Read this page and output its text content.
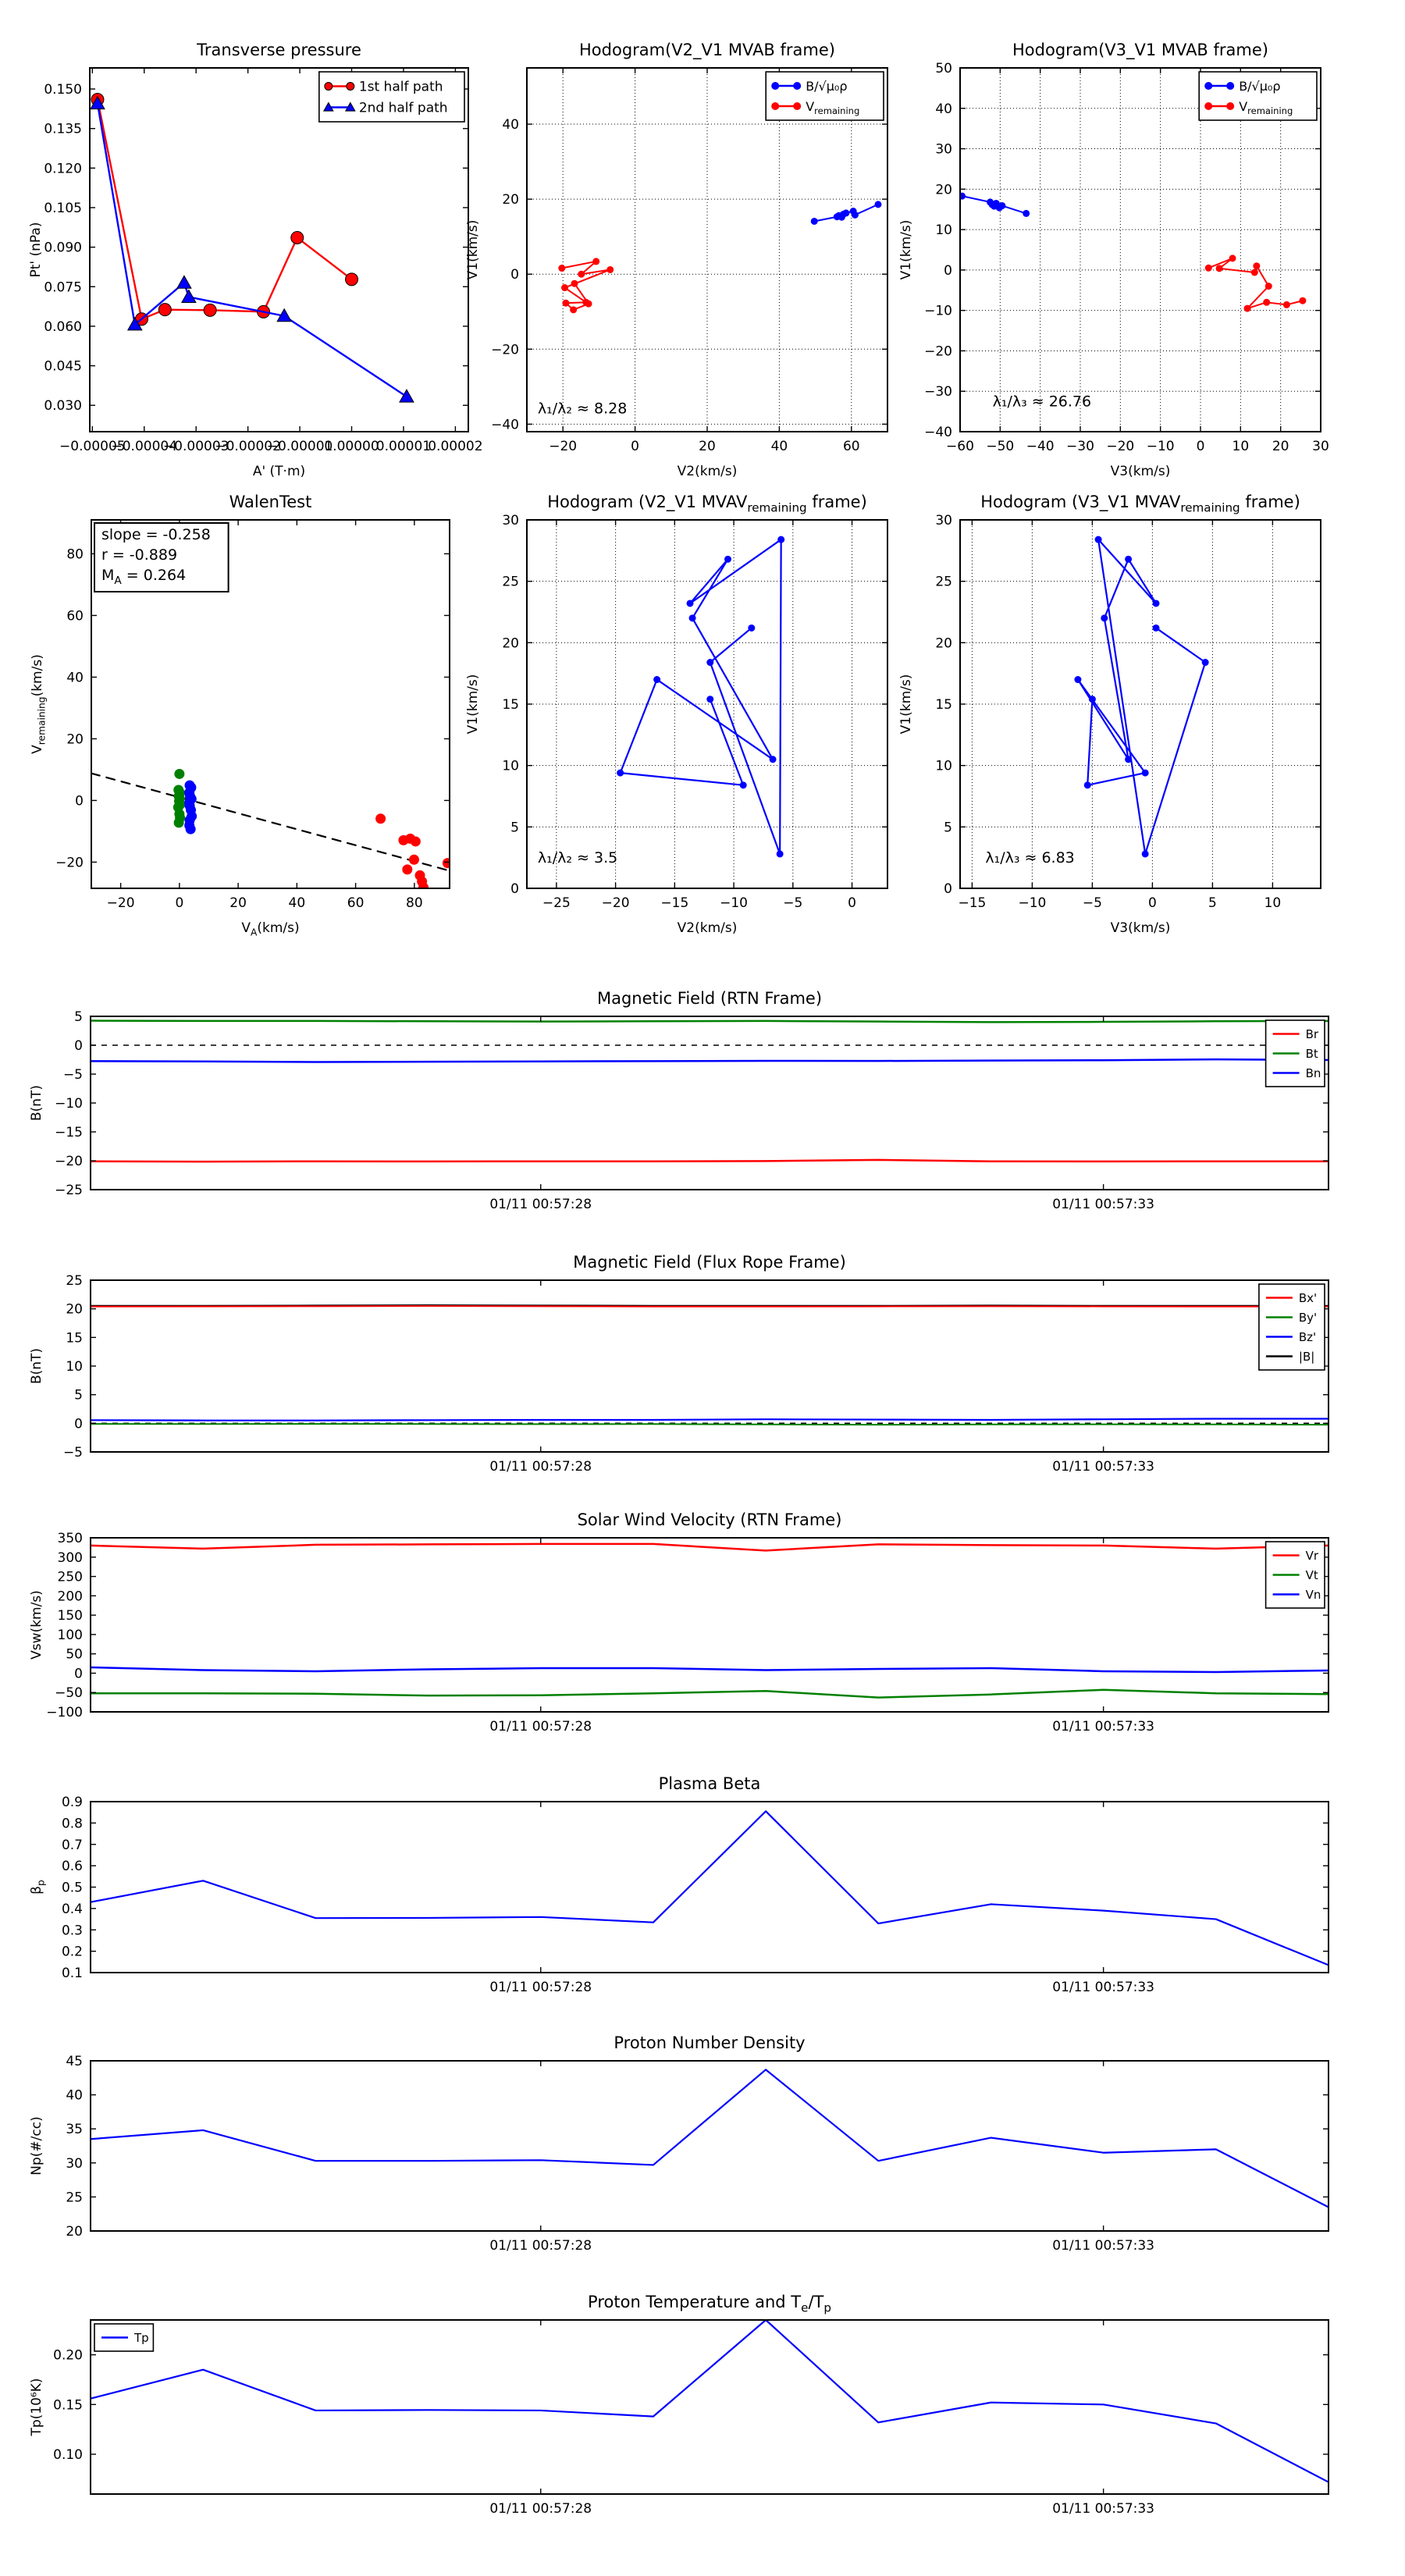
−0.00005
−0.00004
−0.00003
−0.00002
−0.00001
0.00000
0.00001
0.00002
0.030
0.045
0.060
0.075
0.090
0.105
0.120
0.135
0.150
Transverse pressure
A' (T·m)
Pt' (nPa)
1st half path
2nd half path
−20	0	20	40	60
−40
−20
0
20
40
Hodogram(V2_V1 MVAB frame)
V2(km/s)
V1(km/s)
B/√μ₀ρ
$V_{remaining}$
λ₁/λ₂ ≈ 8.28
−60 −50 −40 −30 −20 −10 0 10 20 30
−40
−30
−20
−10
0
10
20
30
40
50
Hodogram(V3_V1 MVAB frame)
V3(km/s)
V1(km/s)
B/√μ₀ρ
$V_{remaining}$
λ₁/λ₃ ≈ 26.76
−20	0	20	40	60	80
−20
0
20
40
60
80
WalenTest
$V_A(km/s)$
$V_{remaining}(km/s)$
slope = -0.258
r = -0.889
$M_A = 0.264$
−25 −20 −15 −10	−5	0
0
5
10
15
20
25
30
Hodogram (V2_V1 $MVAV_{remaining}$ frame)
V2(km/s)
V1(km/s)
λ₁/λ₂ ≈ 3.5
−15 −10	−5	0	5	10
0
5
10
15
20
25
30
Hodogram (V3_V1 $MVAV_{remaining}$ frame)
V3(km/s)
V1(km/s)
λ₁/λ₃ ≈ 6.83
01/11 00:57:28	01/11 00:57:33
5
0
−5
−10
−15
−20
−25
Magnetic Field (RTN Frame)
B(nT)
Br
Bt
Bn
01/11 00:57:28	01/11 00:57:33
25
20
15
10
5
0
−5
Magnetic Field (Flux Rope Frame)
B(nT)
Bx'
By'
Bz'
|B|
01/11 00:57:28	01/11 00:57:33
350
300
250
200
150
100
50
0
−50
−100
Solar Wind Velocity (RTN Frame)
Vsw(km/s)
Vr
Vt
Vn
01/11 00:57:28	01/11 00:57:33
0.9
0.8
0.7
0.6
0.5
0.4
0.3
0.2
0.1
Plasma Beta
$\beta_p$
01/11 00:57:28	01/11 00:57:33
45
40
35
30
25
20
Proton Number Density
Np(#/cc)
01/11 00:57:28	01/11 00:57:33
0.20
0.15
0.10
Proton Temperature and $T_e/T_p$
Tp(10⁶K)
Tp
